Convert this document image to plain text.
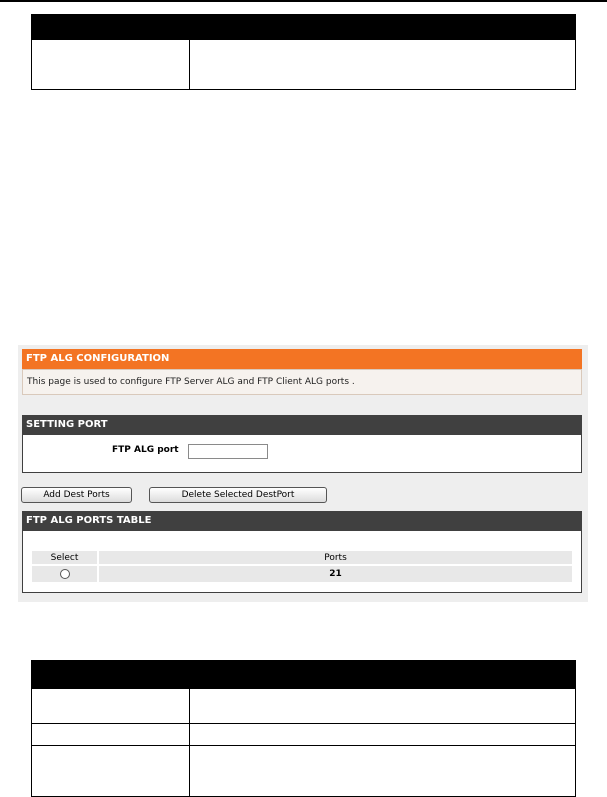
FTP ALG CONFIGURATION
This page is used to configure FTP Server ALG and FTP Client ALG ports .
SETTING PORT
FTP ALG port
Add Dest Ports	Delete Selected DestPort
FTP ALG PORTS TABLE
Select	Ports
	21
